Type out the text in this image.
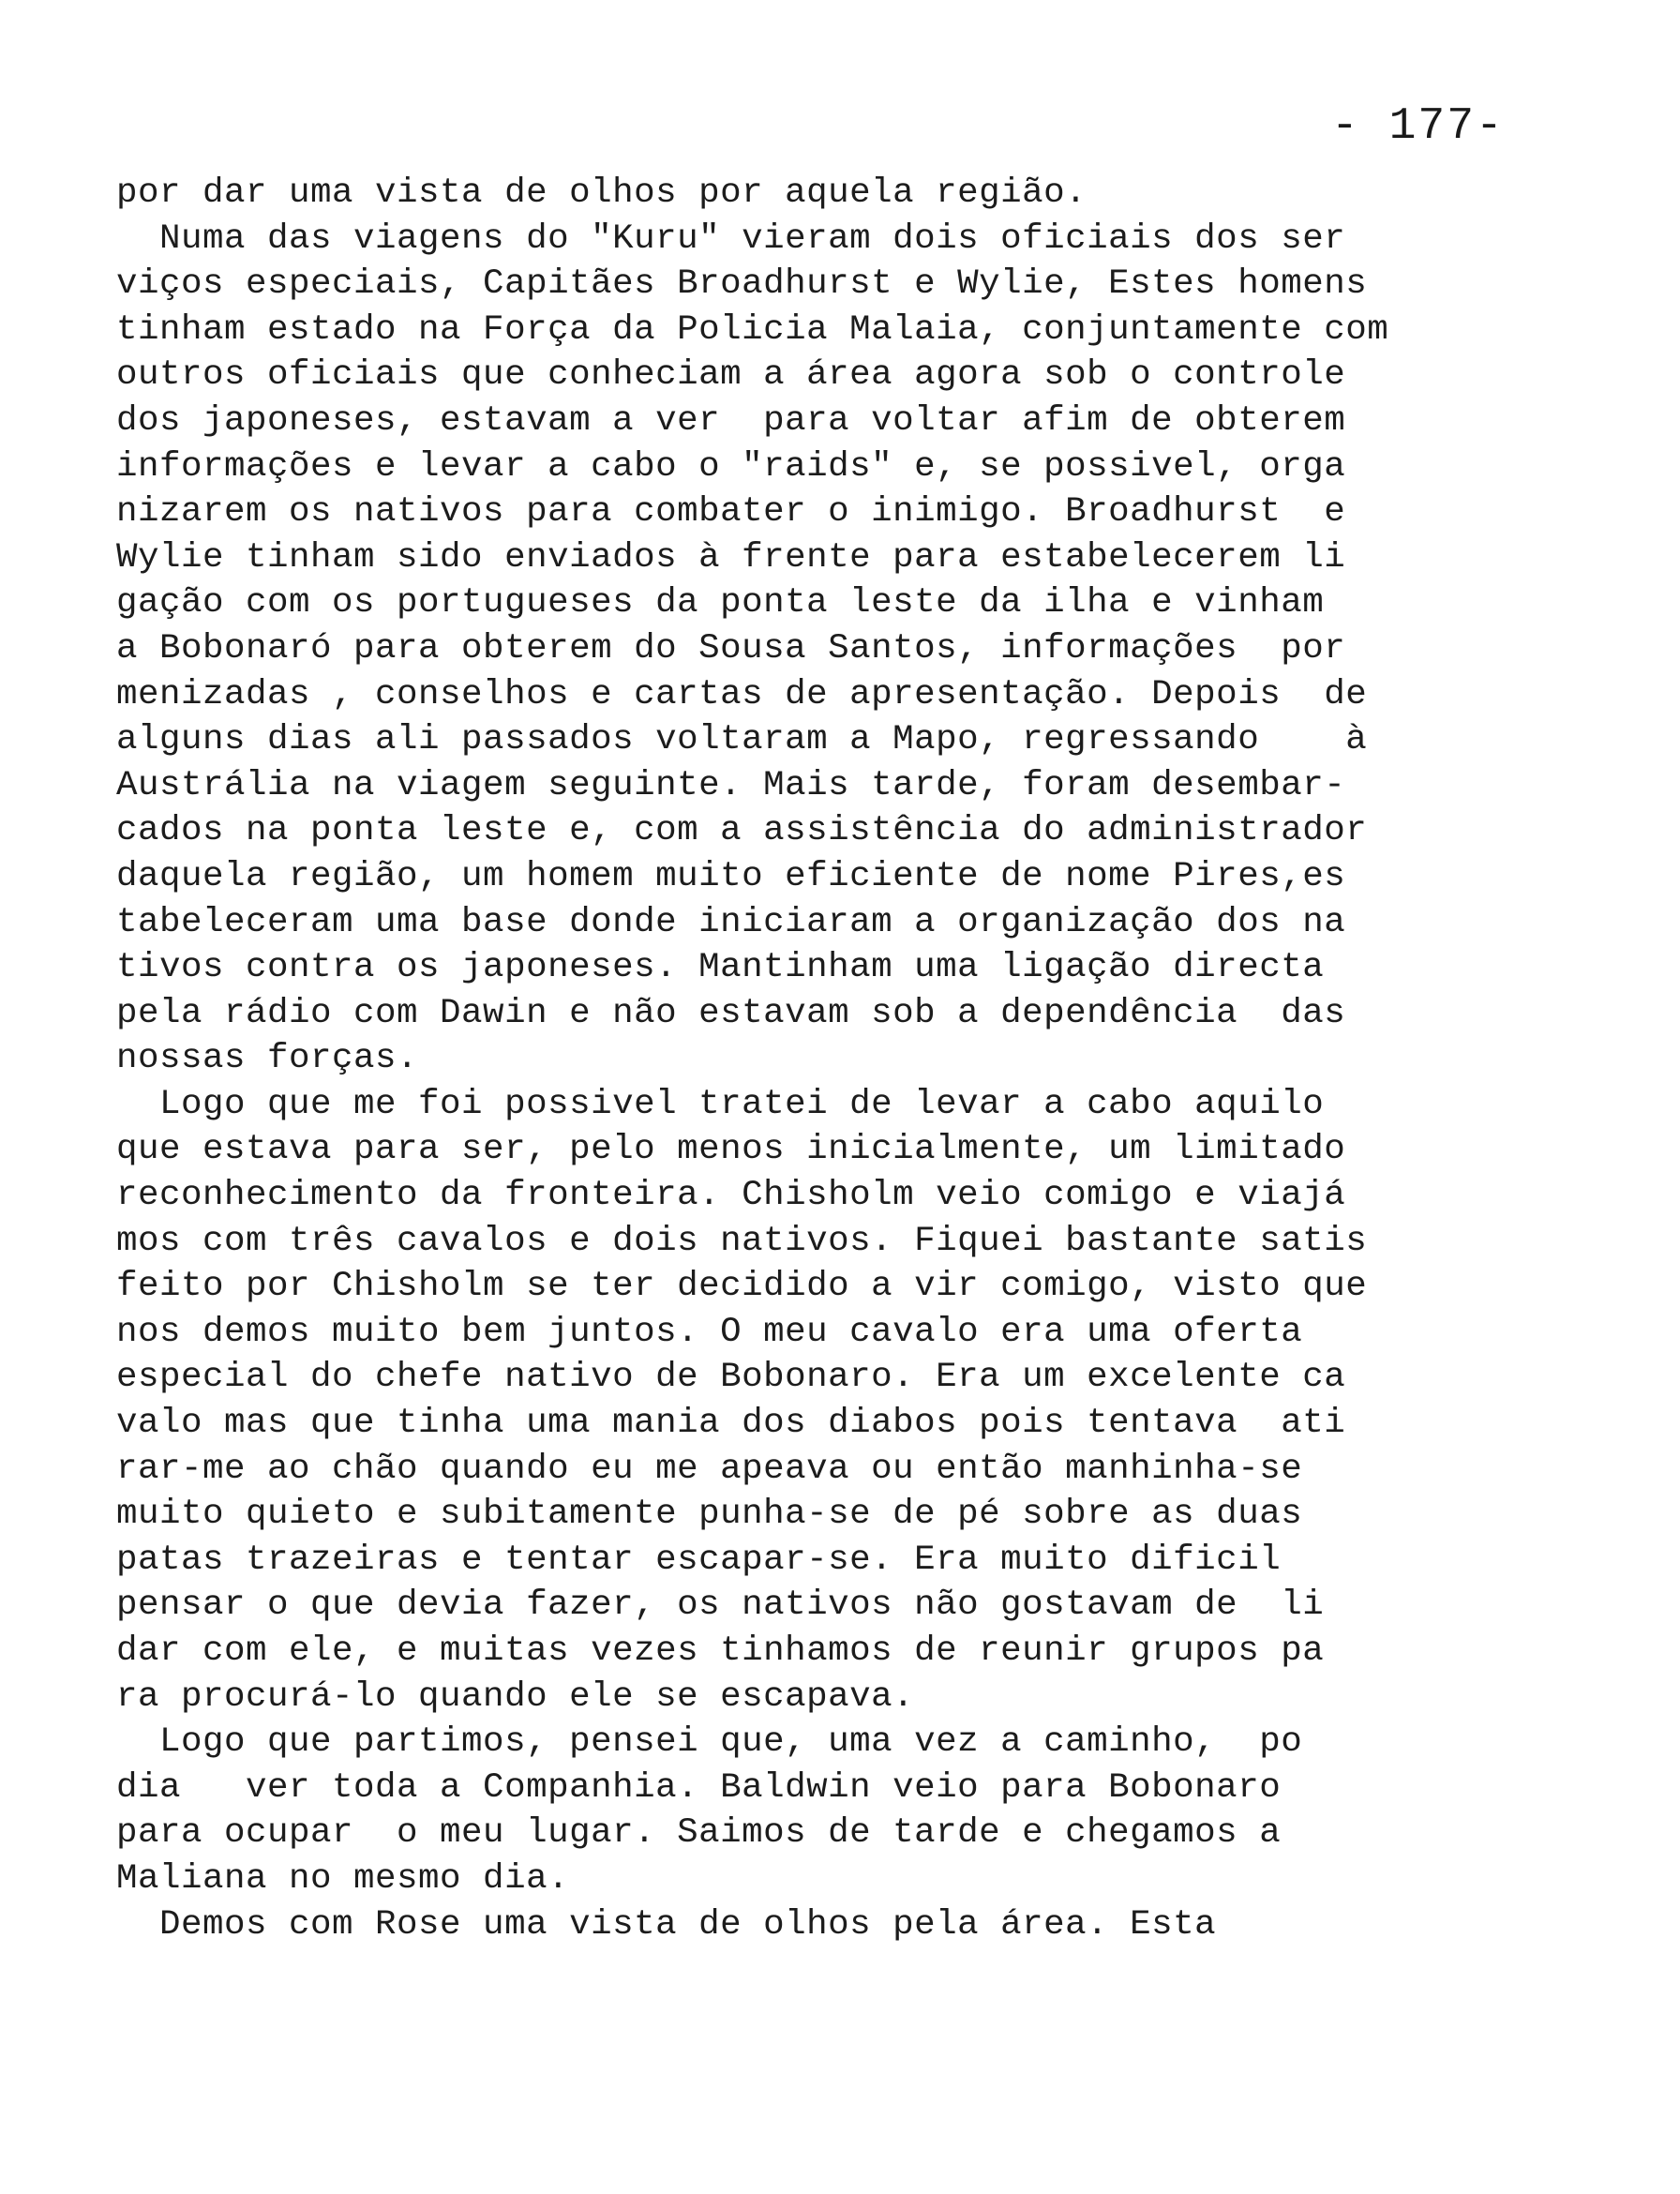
- 177-
por dar uma vista de olhos por aquela região.
Numa das viagens do "Kuru" vieram dois oficiais dos ser
viços especiais, Capitães Broadhurst e Wylie, Estes homens
tinham estado na Força da Policia Malaia, conjuntamente com
outros oficiais que conheciam a área agora sob o controle
dos japoneses, estavam a ver  para voltar afim de obterem
informações e levar a cabo o "raids" e, se possivel, orga
nizarem os nativos para combater o inimigo. Broadhurst  e
Wylie tinham sido enviados à frente para estabelecerem li
gação com os portugueses da ponta leste da ilha e vinham
a Bobonaró para obterem do Sousa Santos, informações  por
menizadas , conselhos e cartas de apresentação. Depois  de
alguns dias ali passados voltaram a Mapo, regressando    à
Austrália na viagem seguinte. Mais tarde, foram desembar-
cados na ponta leste e, com a assistência do administrador
daquela região, um homem muito eficiente de nome Pires,es
tabeleceram uma base donde iniciaram a organização dos na
tivos contra os japoneses. Mantinham uma ligação directa
pela rádio com Dawin e não estavam sob a dependência  das
nossas forças.
Logo que me foi possivel tratei de levar a cabo aquilo
que estava para ser, pelo menos inicialmente, um limitado
reconhecimento da fronteira. Chisholm veio comigo e viajá
mos com três cavalos e dois nativos. Fiquei bastante satis
feito por Chisholm se ter decidido a vir comigo, visto que
nos demos muito bem juntos. O meu cavalo era uma oferta
especial do chefe nativo de Bobonaro. Era um excelente ca
valo mas que tinha uma mania dos diabos pois tentava  ati
rar-me ao chão quando eu me apeava ou então manhinha-se
muito quieto e subitamente punha-se de pé sobre as duas
patas trazeiras e tentar escapar-se. Era muito dificil
pensar o que devia fazer, os nativos não gostavam de  li
dar com ele, e muitas vezes tinhamos de reunir grupos pa
ra procurá-lo quando ele se escapava.
Logo que partimos, pensei que, uma vez a caminho,  po
dia   ver toda a Companhia. Baldwin veio para Bobonaro
para ocupar  o meu lugar. Saimos de tarde e chegamos a
Maliana no mesmo dia.
Demos com Rose uma vista de olhos pela área. Esta
